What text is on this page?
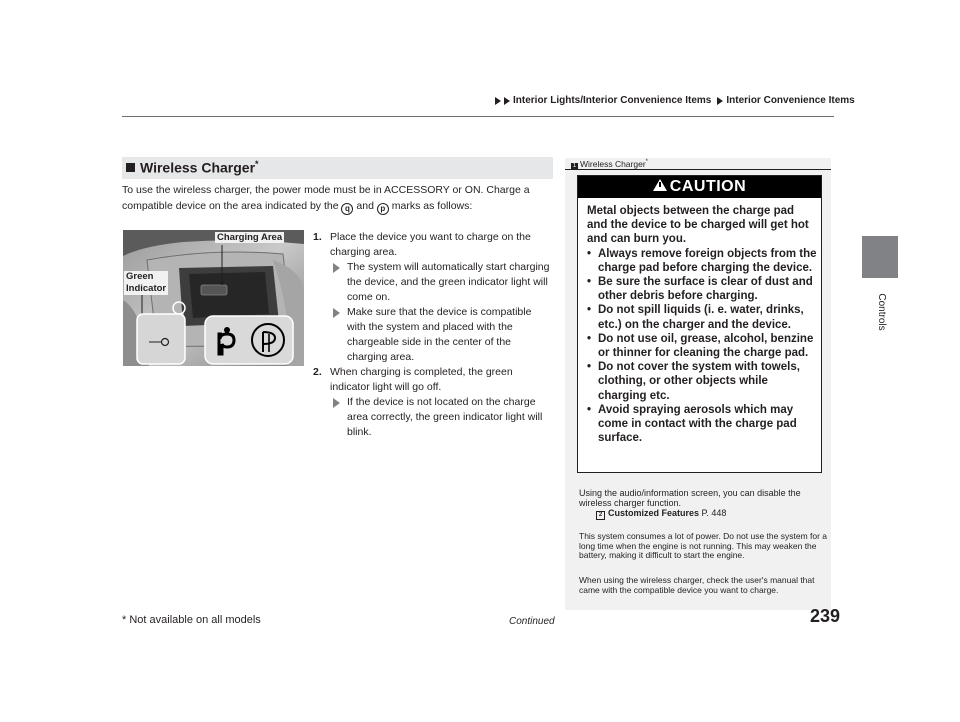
Interior Lights/Interior Convenience Items Interior Convenience Items
Controls
Wireless Charger*
To use the wireless charger, the power mode must be in ACCESSORY or ON. Charge a compatible device on the area indicated by the q and p marks as follows:
Charging Area
Green
Indicator
1. Place the device you want to charge on the charging area.
The system will automatically start charging the device, and the green indicator light will come on.
Make sure that the device is compatible with the system and placed with the chargeable side in the center of the charging area.
2. When charging is completed, the green indicator light will go off.
If the device is not located on the charge area correctly, the green indicator light will blink.
1 Wireless Charger*
CAUTION
Metal objects between the charge pad and the device to be charged will get hot and can burn you.
• Always remove foreign objects from the charge pad before charging the device.
• Be sure the surface is clear of dust and other debris before charging.
• Do not spill liquids (i. e. water, drinks, etc.) on the charger and the device.
• Do not use oil, grease, alcohol, benzine or thinner for cleaning the charge pad.
• Do not cover the system with towels, clothing, or other objects while charging etc.
• Avoid spraying aerosols which may come in contact with the charge pad surface.
Using the audio/information screen, you can disable the wireless charger function.
2 Customized Features P. 448
This system consumes a lot of power. Do not use the system for a long time when the engine is not running. This may weaken the battery, making it difficult to start the engine.
When using the wireless charger, check the user's manual that came with the compatible device you want to charge.
* Not available on all models	Continued	239
